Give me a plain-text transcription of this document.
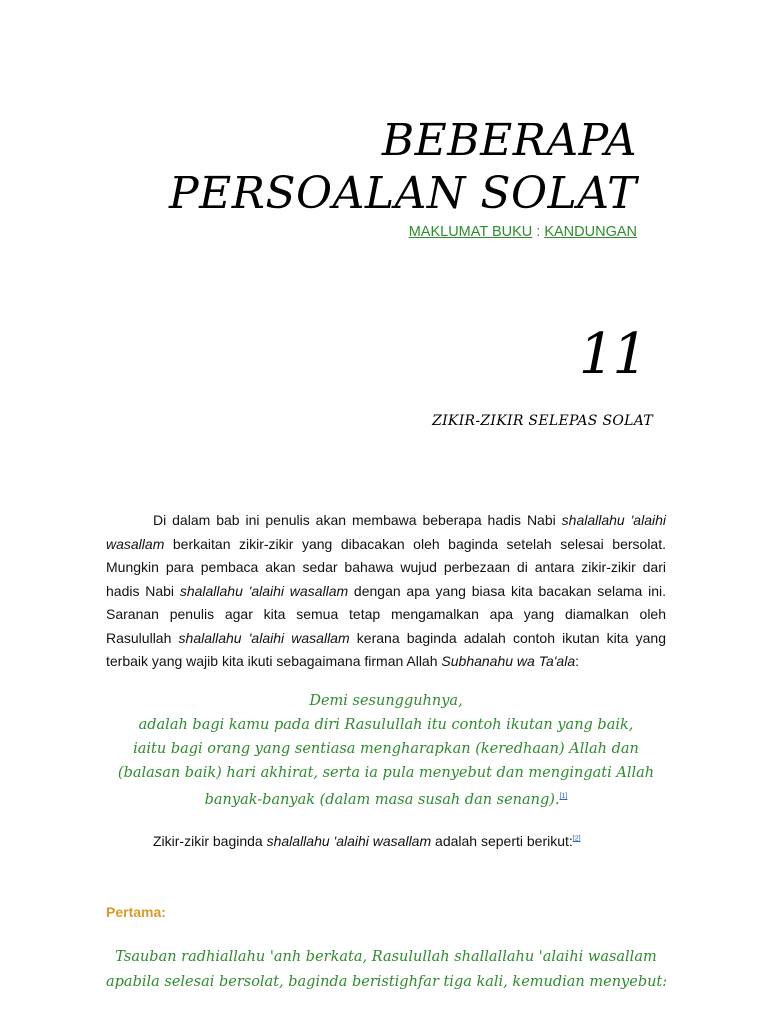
BEBERAPA
PERSOALAN SOLAT
MAKLUMAT BUKU : KANDUNGAN
11
ZIKIR-ZIKIR SELEPAS SOLAT

Di dalam bab ini penulis akan membawa beberapa hadis Nabi shalallahu 'alaihi wasallam berkaitan zikir-zikir yang dibacakan oleh baginda setelah selesai bersolat. Mungkin para pembaca akan sedar bahawa wujud perbezaan di antara zikir-zikir dari hadis Nabi shalallahu 'alaihi wasallam dengan apa yang biasa kita bacakan selama ini. Saranan penulis agar kita semua tetap mengamalkan apa yang diamalkan oleh Rasulullah shalallahu 'alaihi wasallam kerana baginda adalah contoh ikutan kita yang terbaik yang wajib kita ikuti sebagaimana firman Allah Subhanahu wa Ta'ala:

Demi sesungguhnya,
adalah bagi kamu pada diri Rasulullah itu contoh ikutan yang baik,
iaitu bagi orang yang sentiasa mengharapkan (keredhaan) Allah dan
(balasan baik) hari akhirat, serta ia pula menyebut dan mengingati Allah
banyak-banyak (dalam masa susah dan senang).[1]
Zikir-zikir baginda shalallahu 'alaihi wasallam adalah seperti berikut:[2]
Pertama:
Tsauban radhiallahu 'anh berkata, Rasulullah shallallahu 'alaihi wasallam
apabila selesai bersolat, baginda beristighfar tiga kali, kemudian menyebut:
